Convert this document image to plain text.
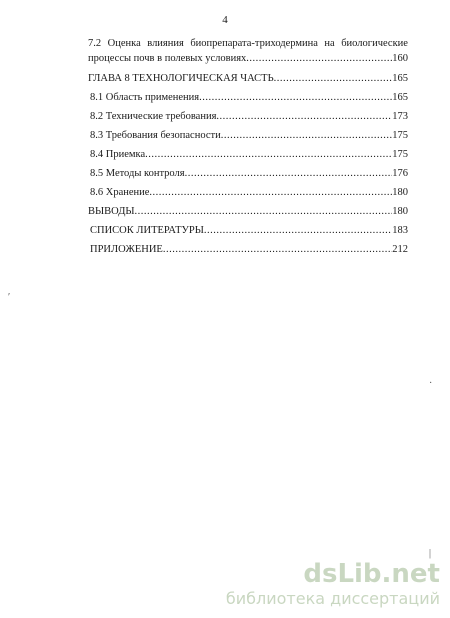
4
7.2 Оценка влияния биопрепарата-триходермина на биологические
процессы почв в полевых условиях .....	160
ГЛАВА 8 ТЕХНОЛОГИЧЕСКАЯ ЧАСТЬ .....	165
8.1 Область применения .....	165
8.2 Технические требования .....	173
8.3 Требования безопасности .....	175
8.4 Приемка .....	175
8.5 Методы контроля .....	176
8.6 Хранение .....	180
ВЫВОДЫ .....	180
СПИСОК ЛИТЕРАТУРЫ .....	183
ПРИЛОЖЕНИЕ .....	212
′
·
|
dsLib.net
библиотека диссертаций
